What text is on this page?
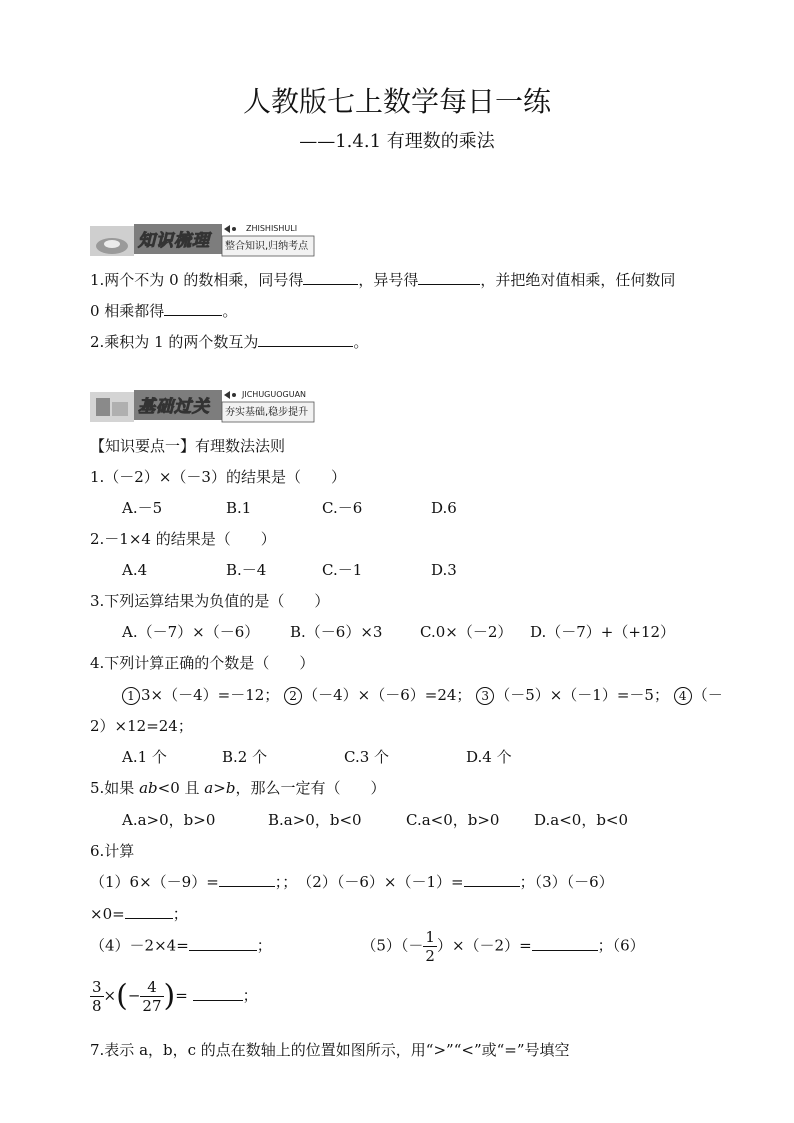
人教版七上数学每日一练
——1.4.1 有理数的乘法
知识梳理
ZHISHISHULI
整合知识,归纳考点
1.两个不为 0 的数相乘，同号得	，异号得	，并把绝对值相乘，任何数同
0 相乘都得	。
2.乘积为 1 的两个数互为	。
基础过关
JICHUGUOGUAN
夯实基础,稳步提升
【知识要点一】有理数法法则
1.（－2）×（－3）的结果是（　　）
A.－5	B.1	C.－6	D.6
2.－1×4 的结果是（　　）
A.4	B.－4	C.－1	D.3
3.下列运算结果为负值的是（　　）
A.（－7）×（－6） B.（－6）×3	C.0×（－2） D.（－7）+（+12）
4.下列计算正确的个数是（　　）
1 3×（－4）=－12； 2 （－4）×（－6）=24； 3 （－5）×（－1）=－5； 4 （－
2）×12=24；
A.1 个	B.2 个	C.3 个	D.4 个
5.如果 ab<0 且 a>b，那么一定有（　　）
A.a>0，b>0	B.a>0，b<0	C.a<0，b>0 D.a<0，b<0
6.计算
（1）6×（－9）=	；；　（2）（－6）×（－1）=	；（3）（－6）
×0=	；
（4）－2×4=	；	$(5)(- \frac{1}{2} )\times(-2)=$	；（6）
$\frac{3}{8}$ ×(− $\frac{4}{27}$ )=	；
7.表示 a，b，c 的点在数轴上的位置如图所示，用“>”“<”或“=”号填空
